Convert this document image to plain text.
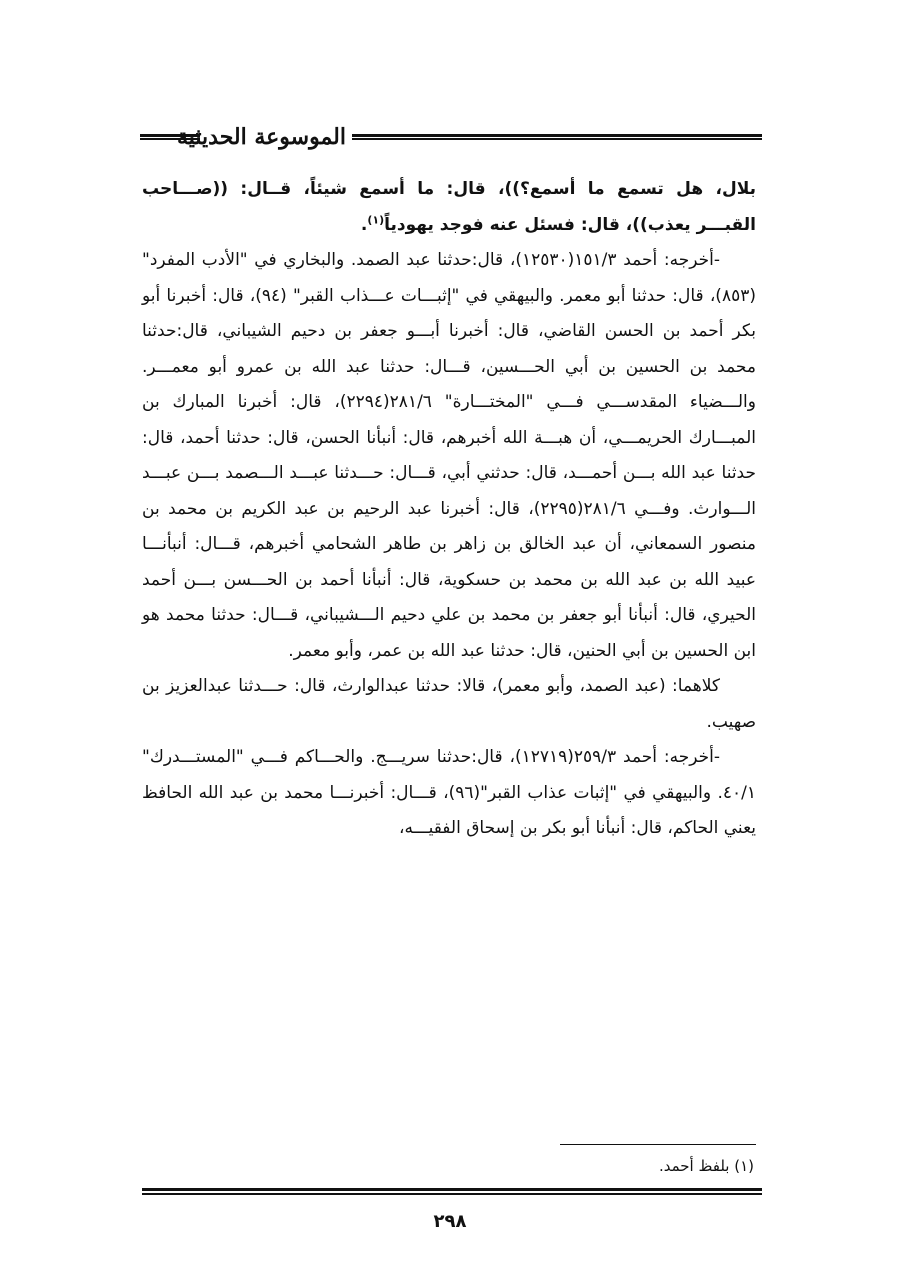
الموسوعة الحديثية

بلال، هل تسمع ما أسمع؟))، قال: ما أسمع شيئاً، قــال: ((صـــاحب القبـــر يعذب))، قال: فسئل عنه فوجد يهودياً$^{(١)}$.

-أخرجه: أحمد ١٥١/٣(١٢٥٣٠)، قال:حدثنا عبد الصمد. والبخاري في "الأدب المفرد" (٨٥٣)، قال: حدثنا أبو معمر. والبيهقي في "إثبـــات عـــذاب القبر" (٩٤)، قال: أخبرنا أبو بكر أحمد بن الحسن القاضي، قال: أخبرنا أبـــو جعفر بن دحيم الشيباني، قال:حدثنا محمد بن الحسين بن أبي الحـــسين، قـــال: حدثنا عبد الله بن عمرو أبو معمـــر. والـــضياء المقدســـي فـــي "المختـــارة" ٢٨١/٦(٢٢٩٤)، قال: أخبرنا المبارك بن المبـــارك الحريمـــي، أن هبـــة الله أخبرهم، قال: أنبأنا الحسن، قال: حدثنا أحمد، قال: حدثنا عبد الله بـــن أحمـــد، قال: حدثني أبي، قـــال: حـــدثنا عبـــد الـــصمد بـــن عبـــد الـــوارث. وفـــي ٢٨١/٦(٢٢٩٥)، قال: أخبرنا عبد الرحيم بن عبد الكريم بن محمد بن منصور السمعاني، أن عبد الخالق بن زاهر بن طاهر الشحامي أخبرهم، قـــال: أنبأنـــا عبيد الله بن عبد الله بن محمد بن حسكوية، قال: أنبأنا أحمد بن الحـــسن بـــن أحمد الحيري، قال: أنبأنا أبو جعفر بن محمد بن علي دحيم الـــشيباني، قـــال: حدثنا محمد هو ابن الحسين بن أبي الحنين، قال: حدثنا عبد الله بن عمر، وأبو معمر.

كلاهما: (عبد الصمد، وأبو معمر)، قالا: حدثنا عبدالوارث، قال: حـــدثنا عبدالعزيز بن صهيب.

-أخرجه: أحمد ٢٥٩/٣(١٢٧١٩)، قال:حدثنا سريـــج. والحـــاكم فـــي "المستـــدرك" ٤٠/١. والبيهقي في "إثبات عذاب القبر"(٩٦)، قـــال: أخبرنـــا محمد بن عبد الله الحافظ يعني الحاكم، قال: أنبأنا أبو بكر بن إسحاق الفقيـــه،

(١) بلفظ أحمد.
٢٩٨
